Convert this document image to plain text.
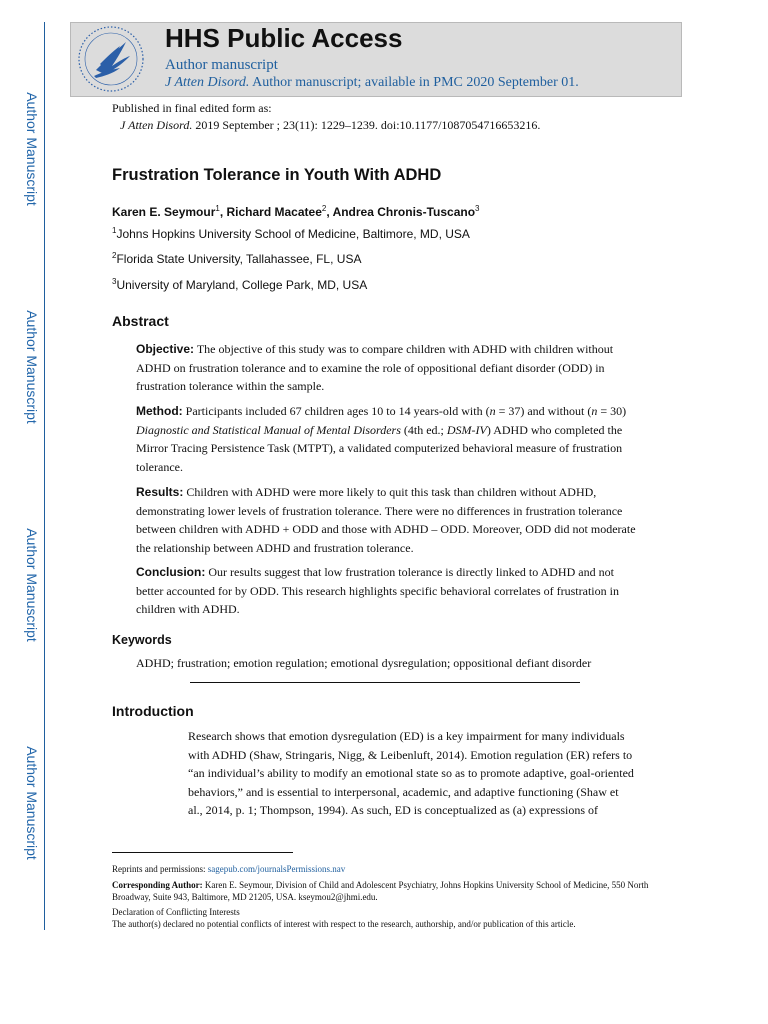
Author Manuscript
Author Manuscript
Author Manuscript
Author Manuscript
HHS Public Access
Author manuscript
J Atten Disord. Author manuscript; available in PMC 2020 September 01.
Published in final edited form as:
J Atten Disord. 2019 September ; 23(11): 1229–1239. doi:10.1177/1087054716653216.
Frustration Tolerance in Youth With ADHD
Karen E. Seymour$^1$, Richard Macatee$^2$, Andrea Chronis-Tuscano$^3$
$^1$Johns Hopkins University School of Medicine, Baltimore, MD, USA
$^2$Florida State University, Tallahassee, FL, USA
$^3$University of Maryland, College Park, MD, USA
Abstract
Objective: The objective of this study was to compare children with ADHD with children without ADHD on frustration tolerance and to examine the role of oppositional defiant disorder (ODD) in frustration tolerance within the sample.
Method: Participants included 67 children ages 10 to 14 years-old with (n = 37) and without (n = 30) Diagnostic and Statistical Manual of Mental Disorders (4th ed.; DSM-IV) ADHD who completed the Mirror Tracing Persistence Task (MTPT), a validated computerized behavioral measure of frustration tolerance.
Results: Children with ADHD were more likely to quit this task than children without ADHD, demonstrating lower levels of frustration tolerance. There were no differences in frustration tolerance between children with ADHD + ODD and those with ADHD – ODD. Moreover, ODD did not moderate the relationship between ADHD and frustration tolerance.
Conclusion: Our results suggest that low frustration tolerance is directly linked to ADHD and not better accounted for by ODD. This research highlights specific behavioral correlates of frustration in children with ADHD.
Keywords
ADHD; frustration; emotion regulation; emotional dysregulation; oppositional defiant disorder
Introduction
Research shows that emotion dysregulation (ED) is a key impairment for many individuals with ADHD (Shaw, Stringaris, Nigg, & Leibenluft, 2014). Emotion regulation (ER) refers to “an individual’s ability to modify an emotional state so as to promote adaptive, goal-oriented behaviors,” and is essential to interpersonal, academic, and adaptive functioning (Shaw et al., 2014, p. 1; Thompson, 1994). As such, ED is conceptualized as (a) expressions of
Reprints and permissions: sagepub.com/journalsPermissions.nav
Corresponding Author: Karen E. Seymour, Division of Child and Adolescent Psychiatry, Johns Hopkins University School of Medicine, 550 North Broadway, Suite 943, Baltimore, MD 21205, USA. kseymou2@jhmi.edu.
Declaration of Conflicting Interests
The author(s) declared no potential conflicts of interest with respect to the research, authorship, and/or publication of this article.
